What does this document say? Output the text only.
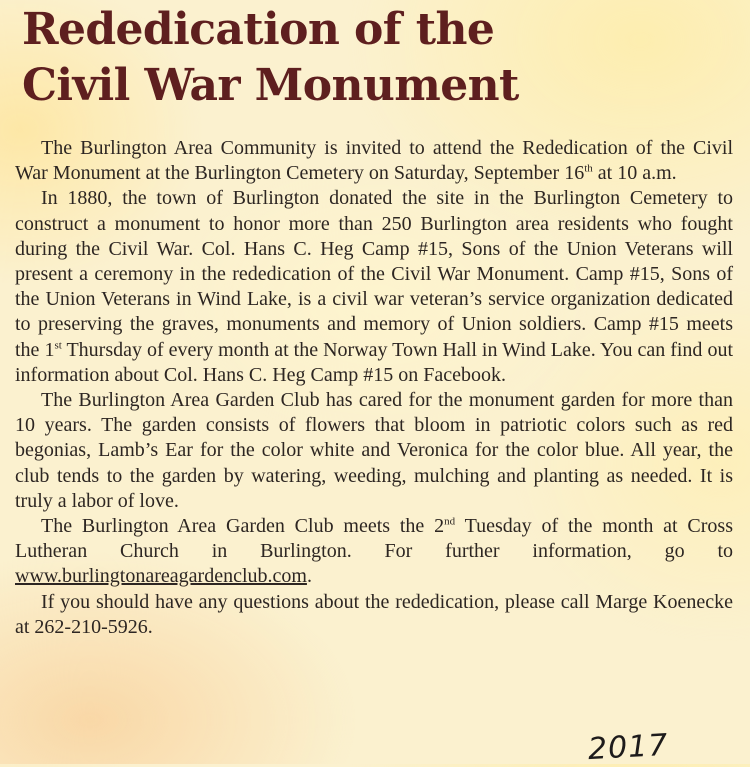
Rededication of the
Civil War Monument

The Burlington Area Community is invited to attend the Rededication of the Civil War Monument at the Burlington Cemetery on Saturday, September 16th at 10 a.m.

In 1880, the town of Burlington donated the site in the Burlington Cemetery to construct a monument to honor more than 250 Burlington area residents who fought during the Civil War. Col. Hans C. Heg Camp #15, Sons of the Union Veterans will present a ceremony in the rededication of the Civil War Monument. Camp #15, Sons of the Union Veterans in Wind Lake, is a civil war veteran’s service organization dedicated to preserving the graves, monuments and memory of Union soldiers. Camp #15 meets the 1st Thursday of every month at the Norway Town Hall in Wind Lake. You can find out information about Col. Hans C. Heg Camp #15 on Facebook.

The Burlington Area Garden Club has cared for the monument garden for more than 10 years. The garden consists of flowers that bloom in patriotic colors such as red begonias, Lamb’s Ear for the color white and Veronica for the color blue. All year, the club tends to the garden by watering, weeding, mulching and planting as needed. It is truly a labor of love.

The Burlington Area Garden Club meets the 2nd Tuesday of the month at Cross Lutheran Church in Burlington. For further information, go to www.burlingtonareagardenclub.com.

If you should have any questions about the rededication, please call Marge Koenecke at 262-210-5926.

2017
